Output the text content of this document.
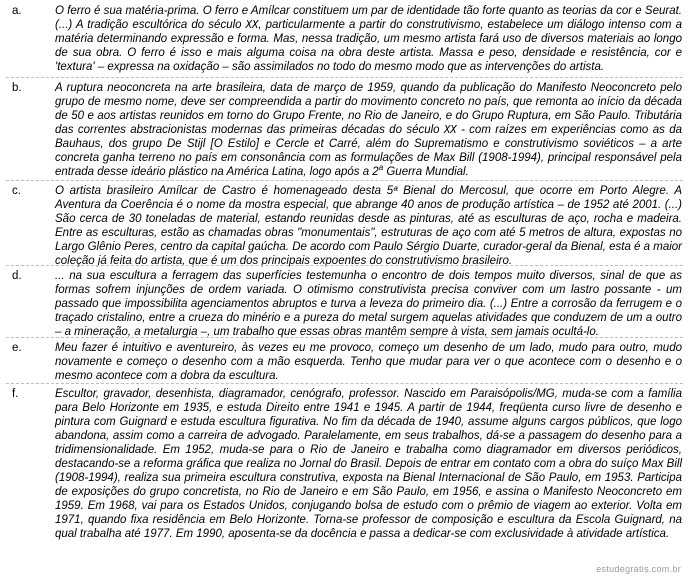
a.	O ferro é sua matéria-prima. O ferro e Amílcar constituem um par de identidade tão forte quanto as teorias da cor e Seurat. (...) A tradição escultórica do século XX, particularmente a partir do construtivismo, estabelece um diálogo intenso com a matéria determinando expressão e forma. Mas, nessa tradição, um mesmo artista fará uso de diversos materiais ao longo de sua obra. O ferro é isso e mais alguma coisa na obra deste artista. Massa e peso, densidade e resistência, cor e 'textura' – expressa na oxidação – são assimilados no todo do mesmo modo que as intervenções do artista.
b.	A ruptura neoconcreta na arte brasileira, data de março de 1959, quando da publicação do Manifesto Neoconcreto pelo grupo de mesmo nome, deve ser compreendida a partir do movimento concreto no país, que remonta ao início da década de 50 e aos artistas reunidos em torno do Grupo Frente, no Rio de Janeiro, e do Grupo Ruptura, em São Paulo. Tributária das correntes abstracionistas modernas das primeiras décadas do século XX - com raízes em experiências como as da Bauhaus, dos grupo De Stijl [O Estilo] e Cercle et Carré, além do Suprematismo e construtivismo soviéticos – a arte concreta ganha terreno no país em consonância com as formulações de Max Bill (1908-1994), principal responsável pela entrada desse ideário plástico na América Latina, logo após a 2$^a$ Guerra Mundial.
c.	O artista brasileiro Amílcar de Castro é homenageado desta 5ª Bienal do Mercosul, que ocorre em Porto Alegre. A Aventura da Coerência é o nome da mostra especial, que abrange 40 anos de produção artística – de 1952 até 2001. (...) São cerca de 30 toneladas de material, estando reunidas desde as pinturas, até as esculturas de aço, rocha e madeira. Entre as esculturas, estão as chamadas obras "monumentais", estruturas de aço com até 5 metros de altura, expostas no Largo Glênio Peres, centro da capital gaúcha. De acordo com Paulo Sérgio Duarte, curador-geral da Bienal, esta é a maior coleção já feita do artista, que é um dos principais expoentes do construtivismo brasileiro.
d.	... na sua escultura a ferragem das superfícies testemunha o encontro de dois tempos muito diversos, sinal de que as formas sofrem injunções de ordem variada. O otimismo construtivista precisa conviver com um lastro possante - um passado que impossibilita agenciamentos abruptos e turva a leveza do primeiro dia. (...) Entre a corrosão da ferrugem e o traçado cristalino, entre a crueza do minério e a pureza do metal surgem aquelas atividades que conduzem de um a outro – a mineração, a metalurgia –, um trabalho que essas obras mantêm sempre à vista, sem jamais ocultá-lo.
e.	Meu fazer é intuitivo e aventureiro, às vezes eu me provoco, começo um desenho de um lado, mudo para outro, mudo novamente e começo o desenho com a mão esquerda. Tenho que mudar para ver o que acontece com o desenho e o mesmo acontece com a dobra da escultura.
f.	Escultor, gravador, desenhista, diagramador, cenógrafo, professor. Nascido em Paraisópolis/MG, muda-se com a família para Belo Horizonte em 1935, e estuda Direito entre 1941 e 1945. A partir de 1944, freqüenta curso livre de desenho e pintura com Guignard e estuda escultura figurativa. No fim da década de 1940, assume alguns cargos públicos, que logo abandona, assim como a carreira de advogado. Paralelamente, em seus trabalhos, dá-se a passagem do desenho para a tridimensionalidade. Em 1952, muda-se para o Rio de Janeiro e trabalha como diagramador em diversos periódicos, destacando-se a reforma gráfica que realiza no Jornal do Brasil. Depois de entrar em contato com a obra do suíço Max Bill (1908-1994), realiza sua primeira escultura construtiva, exposta na Bienal Internacional de São Paulo, em 1953. Participa de exposições do grupo concretista, no Rio de Janeiro e em São Paulo, em 1956, e assina o Manifesto Neoconcreto em 1959. Em 1968, vai para os Estados Unidos, conjugando bolsa de estudo com o prêmio de viagem ao exterior. Volta em 1971, quando fixa residência em Belo Horizonte. Torna-se professor de composição e escultura da Escola Guignard, na qual trabalha até 1977. Em 1990, aposenta-se da docência e passa a dedicar-se com exclusividade à atividade artística.
estudegratis.com.br
